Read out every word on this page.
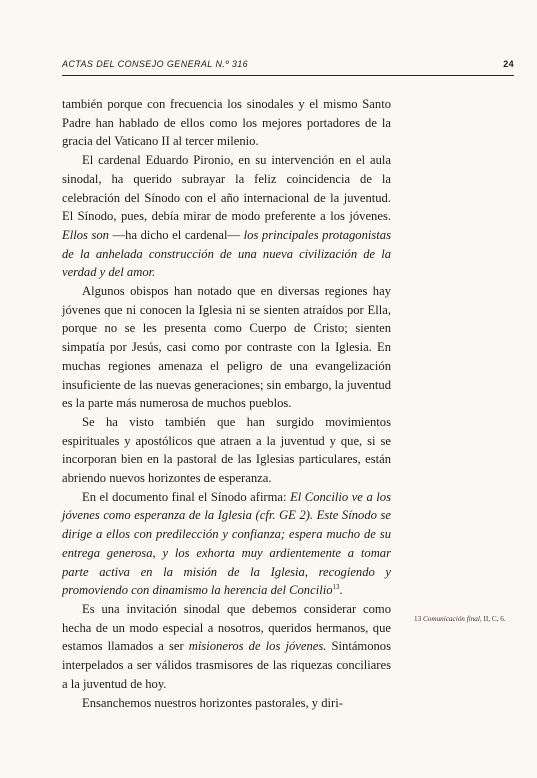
ACTAS DEL CONSEJO GENERAL N.º 316	24

también porque con frecuencia los sinodales y el mismo Santo Padre han hablado de ellos como los mejores portadores de la gracia del Vaticano II al tercer milenio.

El cardenal Eduardo Pironio, en su intervención en el aula sinodal, ha querido subrayar la feliz coincidencia de la celebración del Sínodo con el año internacional de la juventud. El Sínodo, pues, debía mirar de modo preferente a los jóvenes. Ellos son —ha dicho el cardenal— los principales protagonistas de la anhelada construcción de una nueva civilización de la verdad y del amor.

Algunos obispos han notado que en diversas regiones hay jóvenes que ni conocen la Iglesia ni se sienten atraídos por Ella, porque no se les presenta como Cuerpo de Cristo; sienten simpatía por Jesús, casi como por contraste con la Iglesia. En muchas regiones amenaza el peligro de una evangelización insuficiente de las nuevas generaciones; sin embargo, la juventud es la parte más numerosa de muchos pueblos.

Se ha visto también que han surgido movimientos espirituales y apostólicos que atraen a la juventud y que, si se incorporan bien en la pastoral de las Iglesias particulares, están abriendo nuevos horizontes de esperanza.

En el documento final el Sínodo afirma: El Concilio ve a los jóvenes como esperanza de la Iglesia (cfr. GE 2). Este Sínodo se dirige a ellos con predilección y confianza; espera mucho de su entrega generosa, y los exhorta muy ardientemente a tomar parte activa en la misión de la Iglesia, recogiendo y promoviendo con dinamismo la herencia del Concilio$^{13}$.

Es una invitación sinodal que debemos considerar como hecha de un modo especial a nosotros, queridos hermanos, que estamos llamados a ser misioneros de los jóvenes. Sintámonos interpelados a ser válidos trasmisores de las riquezas conciliares a la juventud de hoy.

Ensanchemos nuestros horizontes pastorales, y diri-

13 Comunicación final, II, C, 6.
